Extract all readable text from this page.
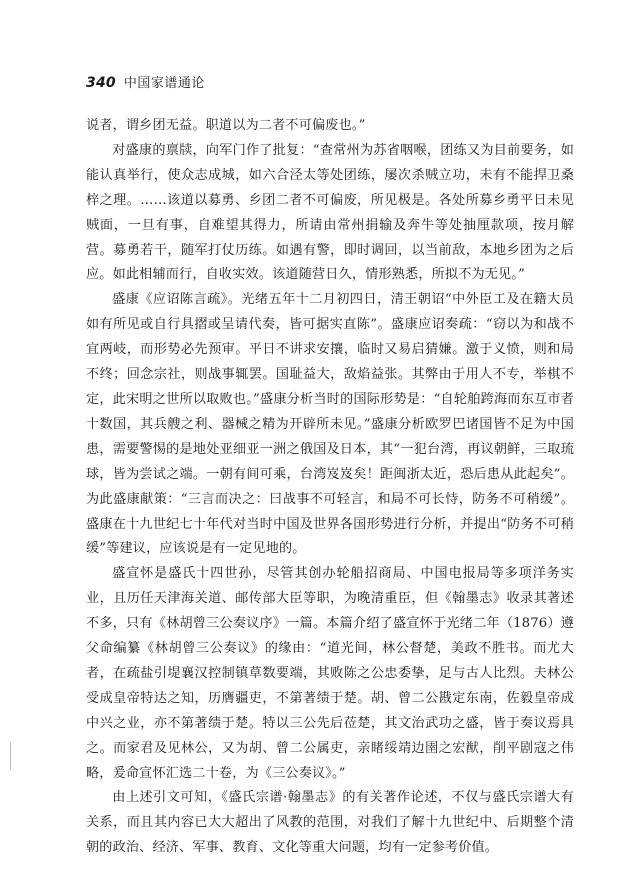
340 中国家谱通论

说者，谓乡团无益。职道以为二者不可偏废也。”

对盛康的禀牍，向军门作了批复：“查常州为苏省咽喉，团练又为目前要务，如能认真举行，使众志成城，如六合泾太等处团练，屡次杀贼立功，未有不能捍卫桑梓之理。……该道以募勇、乡团二者不可偏废，所见极是。各处所募乡勇平日未见贼面，一旦有事，自难望其得力，所请由常州捐输及奔牛等处抽厘款项，按月解营。募勇若干，随军打仗历练。如遇有警，即时调回，以当前敌，本地乡团为之后应。如此相辅而行，自收实效。该道随营日久，情形熟悉，所拟不为无见。”

盛康《应诏陈言疏》。光绪五年十二月初四日，清王朝诏“中外臣工及在籍大员如有所见或自行具摺或呈请代奏，皆可据实直陈”。盛康应诏奏疏：“窃以为和战不宜两岐，而形势必先预审。平日不讲求安攘，临时又易启猜嫌。激于义愤，则和局不终；回念宗社，则战事辄罢。国耻益大，敌焰益张。其弊由于用人不专，举棋不定，此宋明之世所以取败也。”盛康分析当时的国际形势是：“自轮舶跨海而东互市者十数国，其兵艘之利、器械之精为开辟所未见。”盛康分析欧罗巴诸国皆不足为中国患，需要警惕的是地处亚细亚一洲之俄国及日本，其“一犯台湾，再议朝鲜，三取琉球，皆为尝试之端。一朝有间可乘，台湾岌岌矣！距闽浙太近，恐后患从此起矣”。为此盛康献策：“三言而决之：曰战事不可轻言，和局不可长恃，防务不可稍缓”。盛康在十九世纪七十年代对当时中国及世界各国形势进行分析，并提出“防务不可稍缓”等建议，应该说是有一定见地的。

盛宣怀是盛氏十四世孙，尽管其创办轮船招商局、中国电报局等多项洋务实业，且历任天津海关道、邮传部大臣等职，为晚清重臣，但《翰墨志》收录其著述不多，只有《林胡曾三公奏议序》一篇。本篇介绍了盛宣怀于光绪二年（1876）遵父命编纂《林胡曾三公奏议》的缘由：“道光间，林公督楚，美政不胜书。而尤大者，在疏盐引堤襄汉控制镇草数要端，其败陈之公忠委挚，足与古人比烈。夫林公受成皇帝特达之知，历膺疆吏，不第著绩于楚。胡、曾二公戡定东南，佐毅皇帝成中兴之业，亦不第著绩于楚。特以三公先后莅楚，其文治武功之盛，皆于奏议焉具之。而家君及见林公，又为胡、曾二公属吏，亲睹绥靖边圉之宏猷，削平剧寇之伟略，爰命宣怀汇选二十卷，为《三公奏议》。”

由上述引文可知，《盛氏宗谱·翰墨志》的有关著作论述，不仅与盛氏宗谱大有关系，而且其内容已大大超出了风教的范围，对我们了解十九世纪中、后期整个清朝的政治、经济、军事、教育、文化等重大问题，均有一定参考价值。
